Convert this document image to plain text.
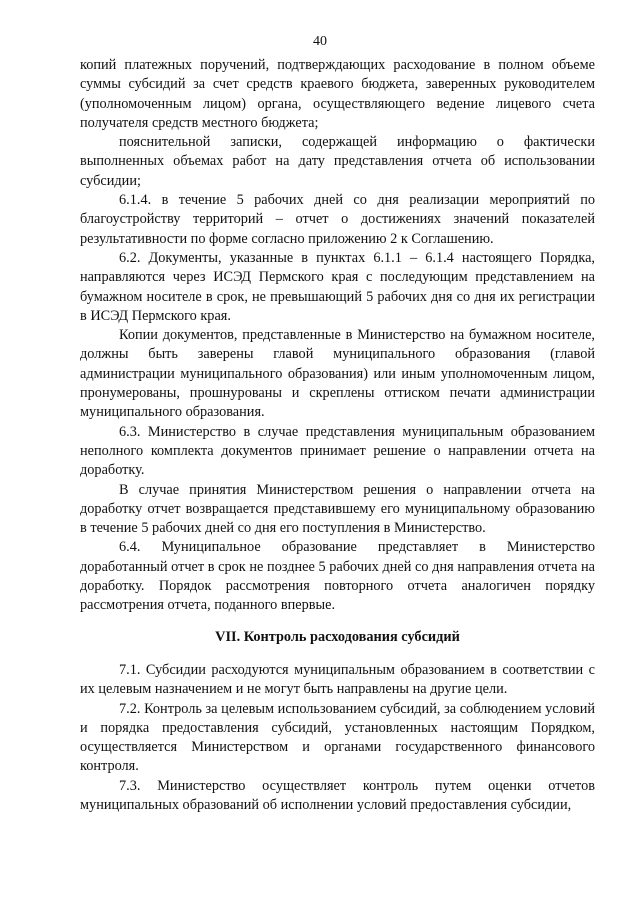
40

копий платежных поручений, подтверждающих расходование в полном объеме суммы субсидий за счет средств краевого бюджета, заверенных руководителем (уполномоченным лицом) органа, осуществляющего ведение лицевого счета получателя средств местного бюджета;

пояснительной записки, содержащей информацию о фактически выполненных объемах работ на дату представления отчета об использовании субсидии;

6.1.4. в течение 5 рабочих дней со дня реализации мероприятий по благоустройству территорий – отчет о достижениях значений показателей результативности по форме согласно приложению 2 к Соглашению.

6.2. Документы, указанные в пунктах 6.1.1 – 6.1.4 настоящего Порядка, направляются через ИСЭД Пермского края с последующим представлением на бумажном носителе в срок, не превышающий 5 рабочих дня со дня их регистрации в ИСЭД Пермского края.

Копии документов, представленные в Министерство на бумажном носителе, должны быть заверены главой муниципального образования (главой администрации муниципального образования) или иным уполномоченным лицом, пронумерованы, прошнурованы и скреплены оттиском печати администрации муниципального образования.

6.3. Министерство в случае представления муниципальным образованием неполного комплекта документов принимает решение о направлении отчета на доработку.

В случае принятия Министерством решения о направлении отчета на доработку отчет возвращается представившему его муниципальному образованию в течение 5 рабочих дней со дня его поступления в Министерство.

6.4. Муниципальное образование представляет в Министерство доработанный отчет в срок не позднее 5 рабочих дней со дня направления отчета на доработку. Порядок рассмотрения повторного отчета аналогичен порядку рассмотрения отчета, поданного впервые.

VII. Контроль расходования субсидий

7.1. Субсидии расходуются муниципальным образованием в соответствии с их целевым назначением и не могут быть направлены на другие цели.

7.2. Контроль за целевым использованием субсидий, за соблюдением условий и порядка предоставления субсидий, установленных настоящим Порядком, осуществляется Министерством и органами государственного финансового контроля.

7.3. Министерство осуществляет контроль путем оценки отчетов муниципальных образований об исполнении условий предоставления субсидии,
